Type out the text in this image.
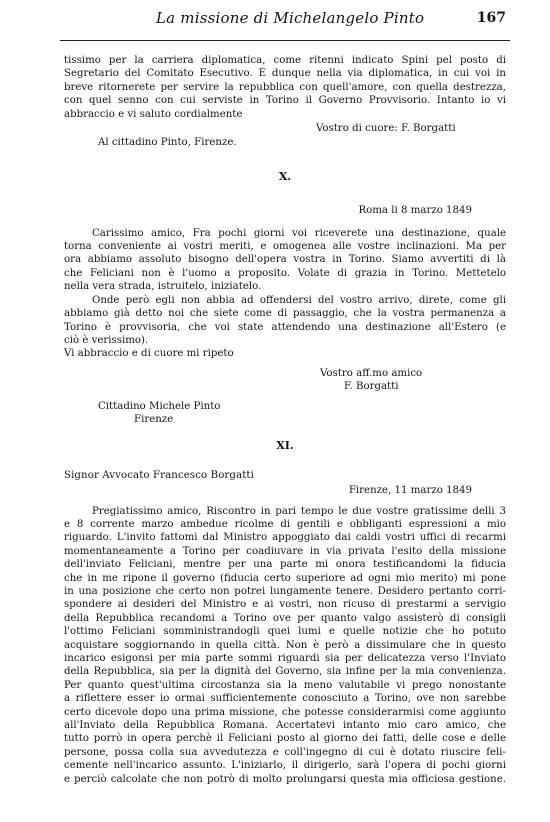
La missione di Michelangelo Pinto	167

tissimo per la carriera diplomatica, come ritenni indicato Spini pel posto di

Segretario del Comitato Esecutivo. È dunque nella via diplomatica, in cui voi in

breve ritornerete per servire la repubblica con quell'amore, con quella destrezza,

con quel senno con cui serviste in Torino il Governo Provvisorio. Intanto io vi

abbraccio e vi saluto cordialmente

Vostro di cuore: F. Borgatti

Al cittadino Pinto, Firenze.

X.

Roma li 8 marzo 1849

Carissimo amico, Fra pochi giorni voi riceverete una destinazione, quale

torna conveniente ai vostri meriti, e omogenea alle vostre inclinazioni. Ma per

ora abbiamo assoluto bisogno dell'opera vostra in Torino. Siamo avvertiti di là

che Feliciani non è l'uomo a proposito. Volate di grazia in Torino. Mettetelo

nella vera strada, istruitelo, iniziatelo.

Onde però egli non abbia ad offendersi del vostro arrivo, direte, come gli

abbiamo già detto noi che siete come di passaggio, che la vostra permanenza a

Torino è provvisoria, che voi state attendendo una destinazione all'Estero (e

ciò è verissimo).

Vi abbraccio e di cuore mi ripeto

Vostro aff.mo amico

F. Borgatti

Cittadino Michele Pinto

Firenze

XI.

Signor Avvocato Francesco Borgatti

Firenze, 11 marzo 1849

Pregiatissimo amico, Riscontro in pari tempo le due vostre gratissime delli 3

e 8 corrente marzo ambedue ricolme di gentili e obbliganti espressioni a mio

riguardo. L'invito fattomi dal Ministro appoggiato dai caldi vostri uffici di recarmi

momentaneamente a Torino per coadiuvare in via privata l'esito della missione

dell'inviato Feliciani, mentre per una parte mi onora testificandomi la fiducia

che in me ripone il governo (fiducia certo superiore ad ogni mio merito) mi pone

in una posizione che certo non potrei lungamente tenere. Desidero pertanto corri-

spondere ai desideri del Ministro e ai vostri, non ricuso di prestarmi a servigio

della Repubblica recandomi a Torino ove per quanto valgo assisterò di consigli

l'ottimo Feliciani somministrandogli quei lumi e quelle notizie che ho potuto

acquistare soggiornando in quella città. Non è però a dissimulare che in questo

incarico esigonsi per mia parte sommi riguardi sia per delicatezza verso l'Inviato

della Repubblica, sia per la dignità del Governo, sia infine per la mia convenienza.

Per quanto quest'ultima circostanza sia la meno valutabile vi prego nonostante

a riflettere esser io ormai sufficientemente conosciuto a Torino, ove non sarebbe

certo dicevole dopo una prima missione, che potesse considerarmisi come aggiunto

all'Inviato della Repubblica Romana. Accertatevi intanto mio caro amico, che

tutto porrò in opera perchè il Feliciani posto al giorno dei fatti, delle cose e delle

persone, possa colla sua avvedutezza e coll'ingegno di cui è dotato riuscire feli-

cemente nell'incarico assunto. L'iniziarlo, il dirigerlo, sarà l'opera di pochi giorni

e perciò calcolate che non potrò di molto prolungarsi questa mia officiosa gestione.
